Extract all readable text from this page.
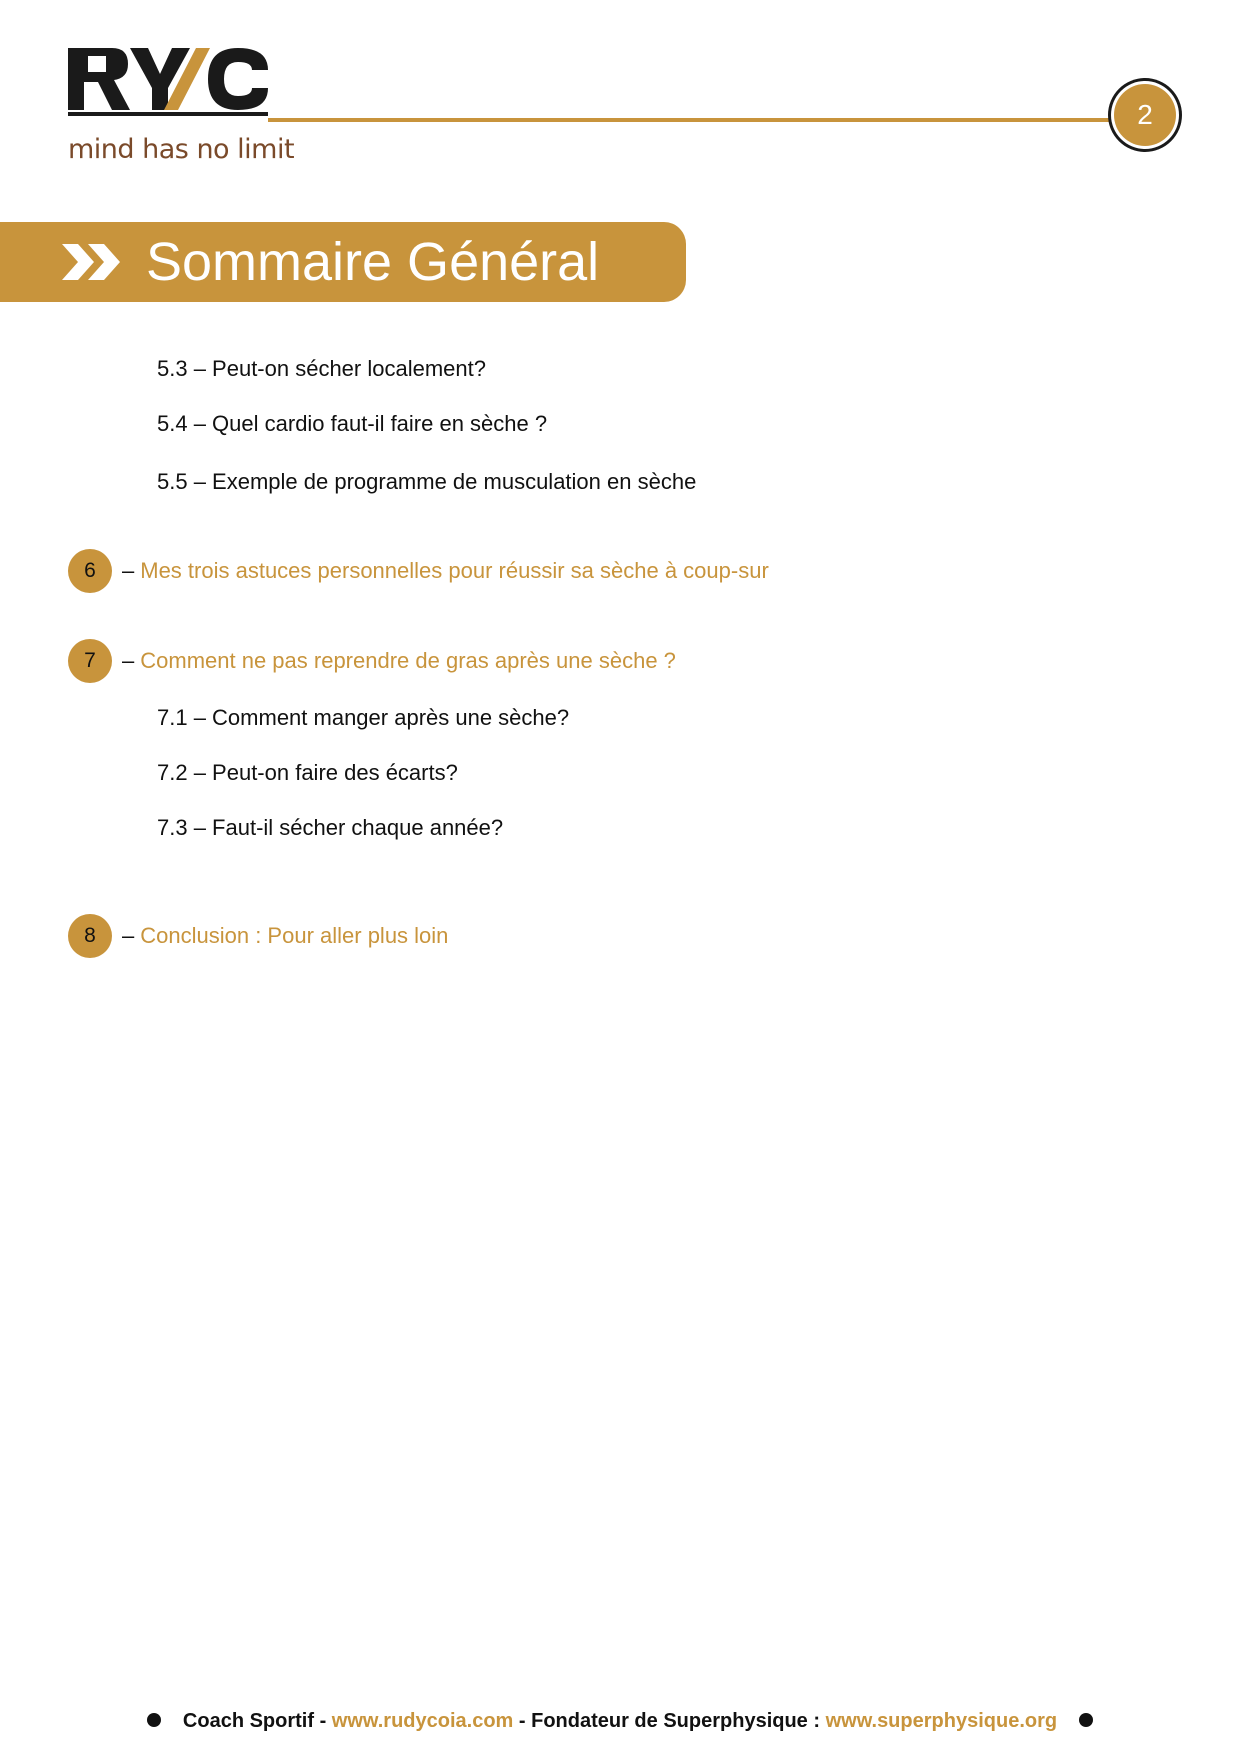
mind has no limit
2
Sommaire Général
5.3 – Peut-on sécher localement?
5.4 – Quel cardio faut-il faire en sèche ?
5.5 – Exemple de programme de musculation en sèche
6	– Mes trois astuces personnelles pour réussir sa sèche à coup-sur
7	– Comment ne pas reprendre de gras après une sèche ?
7.1 – Comment manger après une sèche?
7.2 – Peut-on faire des écarts?
7.3 – Faut-il sécher chaque année?
8	– Conclusion : Pour aller plus loin
Coach Sportif - www.rudycoia.com - Fondateur de Superphysique : www.superphysique.org
